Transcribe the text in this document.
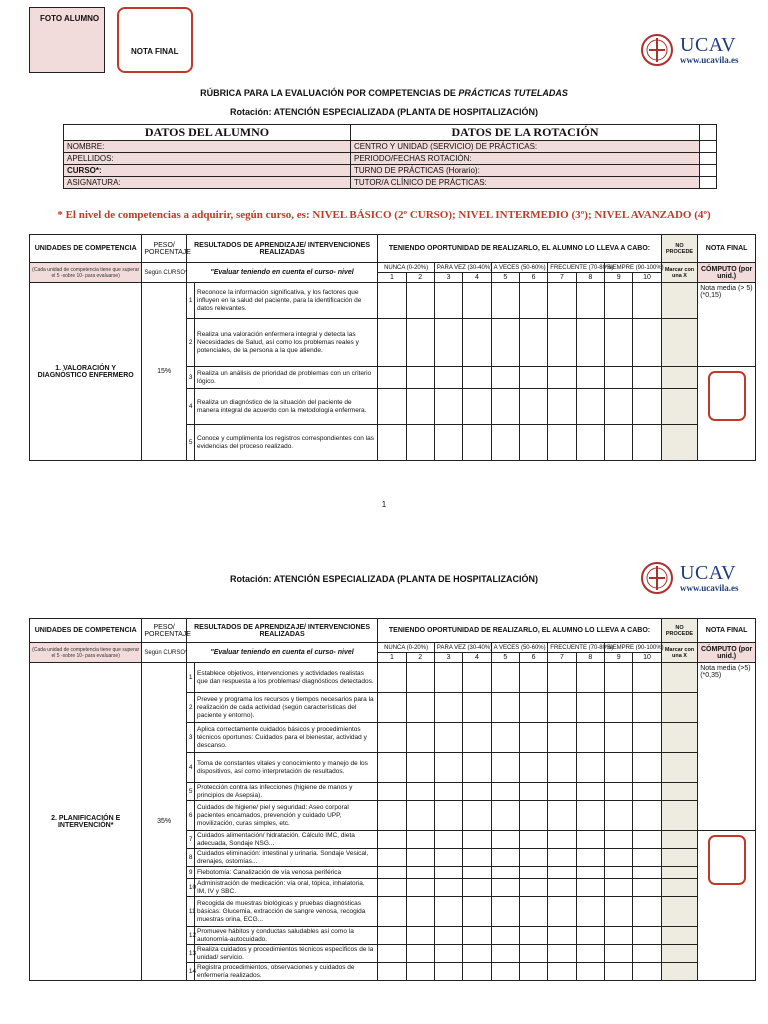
FOTO ALUMNO
NOTA FINAL	UCAV
www.ucavila.es
RÚBRICA PARA LA EVALUACIÓN POR COMPETENCIAS DE PRÁCTICAS TUTELADAS
Rotación: ATENCIÓN ESPECIALIZADA (PLANTA DE HOSPITALIZACIÓN)
DATOS DEL ALUMNO	DATOS DE LA ROTACIÓN	
NOMBRE:	CENTRO Y UNIDAD (SERVICIO) DE PRÁCTICAS:	
APELLIDOS:	PERIODO/FECHAS ROTACIÓN:	
CURSO*:	TURNO DE PRÁCTICAS (Horario):	
ASIGNATURA:	TUTOR/A CLÍNICO DE PRÁCTICAS:	
* El nivel de competencias a adquirir, según curso, es: NIVEL BÁSICO (2º CURSO); NIVEL INTERMEDIO (3º); NIVEL AVANZADO (4º)
UNIDADES DE COMPETENCIA	PESO/ PORCENTAJE	RESULTADOS DE APRENDIZAJE/ INTERVENCIONES REALIZADAS		TENIENDO OPORTUNIDAD DE REALIZARLO, EL ALUMNO LO LLEVA A CABO:										NO PROCEDE	NOTA FINAL
(Cada unidad de competencia tiene que superar el 5 -sobre 10- para evaluarse)	Según CURSO*	"Evaluar teniendo en cuenta el curso- nivel		NUNCA (0-20%)		PARA VEZ (30-40%)		A VECES (50-60%)		FRECUENTE (70-80%)		SIEMPRE (90-100%)		Marcar con una X	CÓMPUTO (por unid.)
				1	2	3	4	5	6	7	8	9	10		
1. VALORACIÓN Y DIAGNÓSTICO ENFERMERO	15%	1	Reconoce la información significativa, y los factores que influyen en la salud del paciente, para la identificación de datos relevantes.												Nota media (> 5) (*0,15)
		2	Realiza una valoración enfermera integral y detecta las Necesidades de Salud, así como los problemas reales y potenciales, de la persona a la que atiende.												
		3	Realiza un análisis de prioridad de problemas con un criterio lógico.												

		4	Realiza un diagnóstico de la situación del paciente de manera integral de acuerdo con la metodología enfermera.												
		5	Conoce y cumplimenta los registros correspondientes con las evidencias del proceso realizado.												
1
UCAV
www.ucavila.es
Rotación: ATENCIÓN ESPECIALIZADA (PLANTA DE HOSPITALIZACIÓN)
UNIDADES DE COMPETENCIA	PESO/ PORCENTAJE	RESULTADOS DE APRENDIZAJE/ INTERVENCIONES REALIZADAS		TENIENDO OPORTUNIDAD DE REALIZARLO, EL ALUMNO LO LLEVA A CABO:										NO PROCEDE	NOTA FINAL
(Cada unidad de competencia tiene que superar el 5 -sobre 10- para evaluarse)	Según CURSO*	"Evaluar teniendo en cuenta el curso- nivel		NUNCA (0-20%)		PARA VEZ (30-40%)		A VECES (50-60%)		FRECUENTE (70-80%)		SIEMPRE (90-100%)		Marcar con una X	CÓMPUTO (por unid.)
				1	2	3	4	5	6	7	8	9	10		
2. PLANIFICACIÓN E INTERVENCIÓN*	35%	1	Establece objetivos, intervenciones y actividades realistas que dan respuesta a los problemas/ diagnósticos detectados.												Nota media (>5) (*0,35)
		2	Prevee y programa los recursos y tiempos necesarios para la realización de cada actividad (según características del paciente y entorno).												
		3	Aplica correctamente cuidados básicos y procedimientos técnicos oportunos: Cuidados para el bienestar, actividad y descanso.												
		4	Toma de constantes vitales y conocimiento y manejo de los dispositivos, así como interpretación de resultados.												
		5	Protección contra las infecciones (higiene de manos y principios de Asepsia).												
		6	Cuidados de higiene/ piel y seguridad: Aseo corporal pacientes encamados, prevención y cuidado UPP, movilización, curas simples, etc.												
		7	Cuidados alimentación/ hidratación. Cálculo IMC, dieta adecuada, Sondaje NSG...												

		8	Cuidados eliminación: intestinal y urinaria. Sondaje Vesical, drenajes, ostomías...												
		9	Flebotomía: Canalización de vía venosa periférica												
		10	Administración de medicación: vía oral, tópica, inhalatoria, IM, IV y SBC.												
		11	Recogida de muestras biológicas y pruebas diagnósticas básicas: Glucemia, extracción de sangre venosa, recogida muestras orina, ECG...												
		12	Promueve hábitos y conductas saludables así como la autonomía-autocuidado.												
		13	Realiza cuidados y procedimientos técnicos específicos de la unidad/ servicio.												
		14	Registra procedimientos, observaciones y cuidados de enfermería realizados.												
